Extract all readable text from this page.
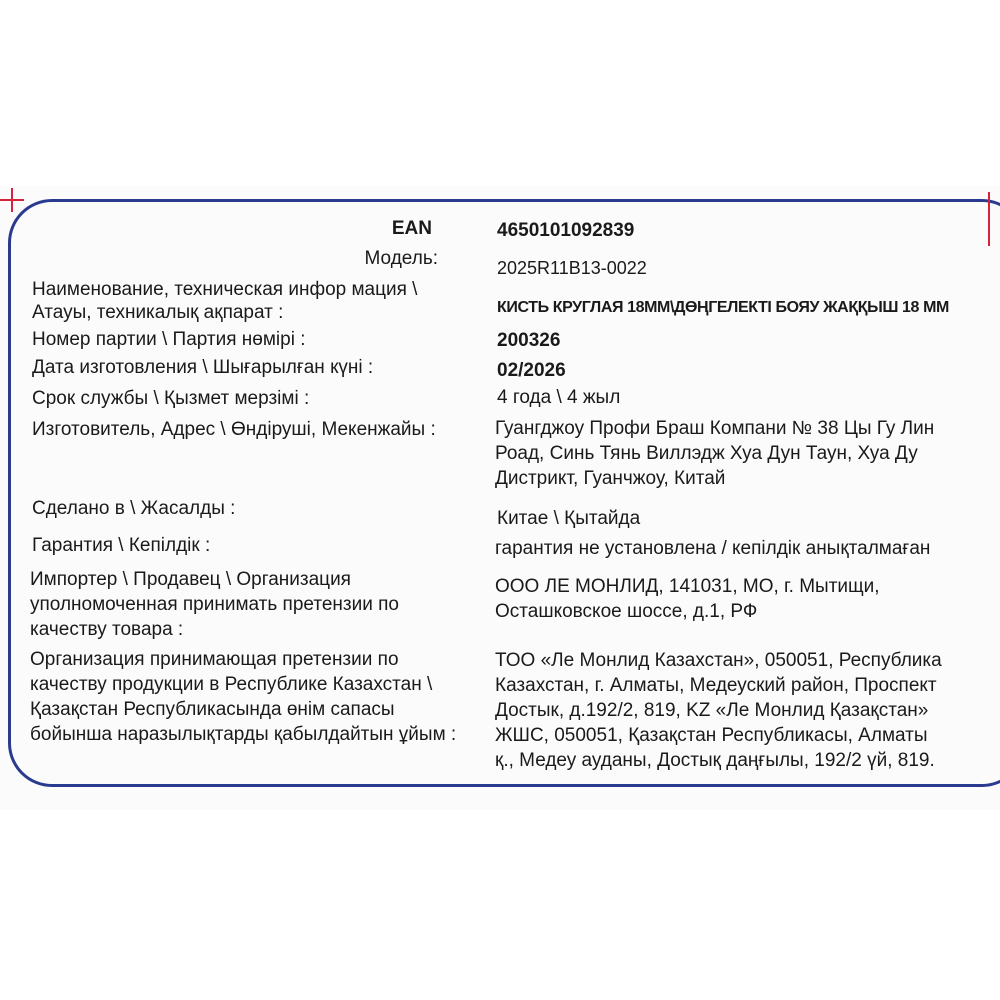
EAN	4650101092839
Модель:	2025R11B13-0022
Наименование, техническая инфор мация \
Атауы, техникалық ақпарат :	КИСТЬ КРУГЛАЯ 18ММ\ДӨҢГЕЛЕКТІ БОЯУ ЖАҚҚЫШ 18 ММ
Номер партии \ Партия нөмірі :	200326
Дата изготовления \ Шығарылған күні :	02/2026
Срок службы \ Қызмет мерзімі :	4 года \ 4 жыл
Изготовитель, Адрес \ Өндіруші, Мекенжайы :	Гуангджоу Профи Браш Компани № 38 Цы Гу Лин
Роад, Синь Тянь Виллэдж Хуа Дун Таун, Хуа Ду
Дистрикт, Гуанчжоу, Китай
Сделано в \ Жасалды :	Китае \ Қытайда
Гарантия \ Кепілдік :	гарантия не установлена / кепілдік анықталмаған
Импортер \ Продавец \ Организация
уполномоченная принимать претензии по
качеству товара :
ООО ЛЕ МОНЛИД, 141031, МО, г. Мытищи,
Осташковское шоссе, д.1, РФ
Организация принимающая претензии по
качеству продукции в Республике Казахстан \
Қазақстан Республикасында өнім сапасы
бойынша наразылықтарды қабылдайтын ұйым :
ТОО «Ле Монлид Казахстан», 050051, Республика
Казахстан, г. Алматы, Медеуский район, Проспект
Достык, д.192/2, 819, KZ «Ле Монлид Қазақстан»
ЖШС, 050051, Қазақстан Республикасы, Алматы
қ., Медеу ауданы, Достық даңғылы, 192/2 үй, 819.
